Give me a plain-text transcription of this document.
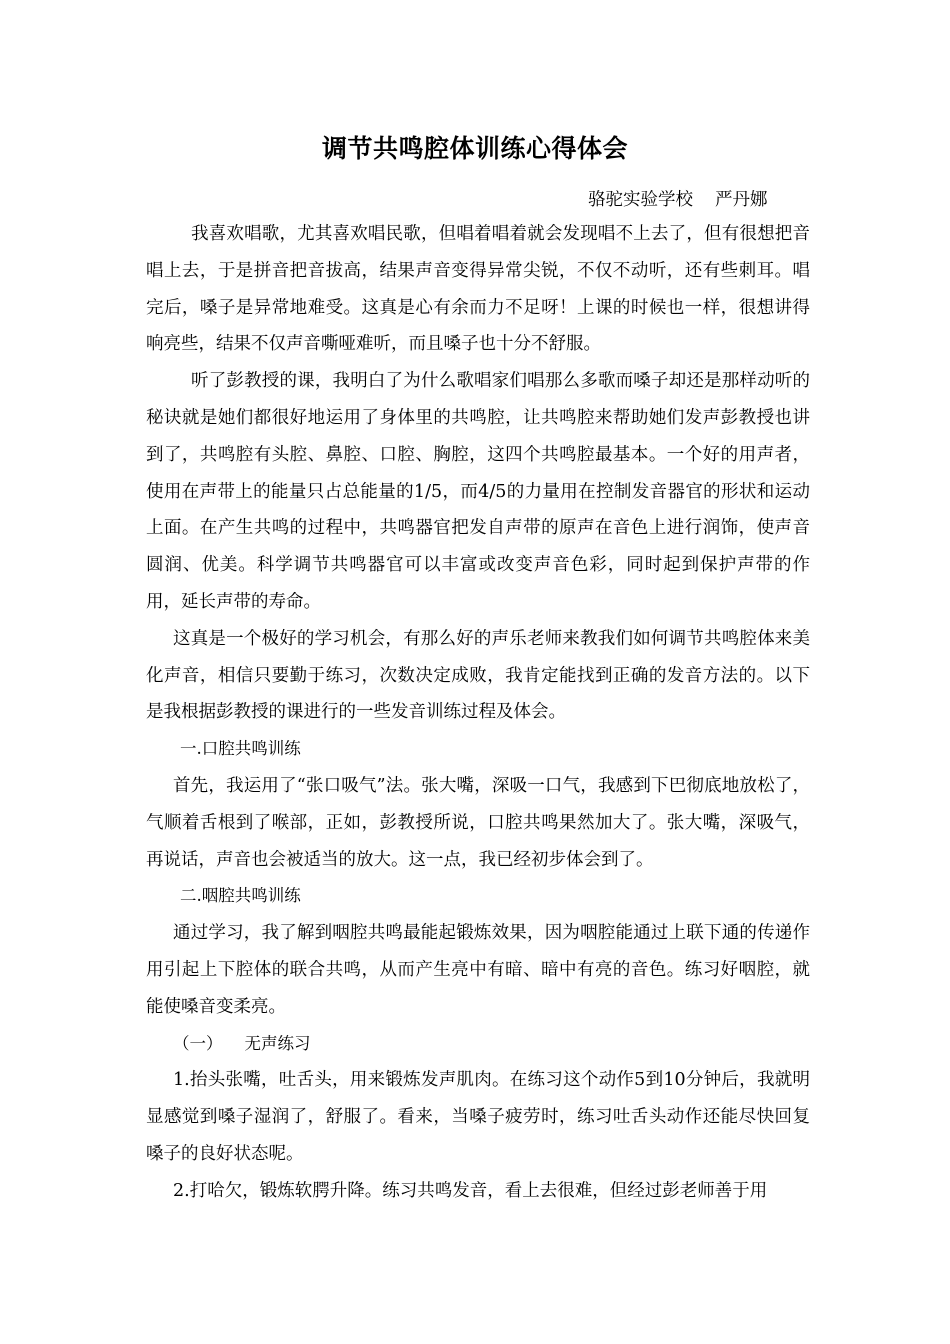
调节共鸣腔体训练心得体会
骆驼实验学校 严丹娜

我喜欢唱歌，尤其喜欢唱民歌，但唱着唱着就会发现唱不上去了，但有很想把音唱上去，于是拼音把音拔高，结果声音变得异常尖锐，不仅不动听，还有些刺耳。唱完后，嗓子是异常地难受。这真是心有余而力不足呀！上课的时候也一样，很想讲得响亮些，结果不仅声音嘶哑难听，而且嗓子也十分不舒服。

听了彭教授的课，我明白了为什么歌唱家们唱那么多歌而嗓子却还是那样动听的秘诀就是她们都很好地运用了身体里的共鸣腔，让共鸣腔来帮助她们发声彭教授也讲到了，共鸣腔有头腔、鼻腔、口腔、胸腔，这四个共鸣腔最基本。一个好的用声者，使用在声带上的能量只占总能量的1/5，而4/5的力量用在控制发音器官的形状和运动上面。在产生共鸣的过程中，共鸣器官把发自声带的原声在音色上进行润饰，使声音圆润、优美。科学调节共鸣器官可以丰富或改变声音色彩，同时起到保护声带的作用，延长声带的寿命。

这真是一个极好的学习机会，有那么好的声乐老师来教我们如何调节共鸣腔体来美化声音，相信只要勤于练习，次数决定成败，我肯定能找到正确的发音方法的。以下是我根据彭教授的课进行的一些发音训练过程及体会。

一.口腔共鸣训练

首先，我运用了“张口吸气”法。张大嘴，深吸一口气，我感到下巴彻底地放松了，气顺着舌根到了喉部，正如，彭教授所说，口腔共鸣果然加大了。张大嘴，深吸气，再说话，声音也会被适当的放大。这一点，我已经初步体会到了。

二.咽腔共鸣训练

通过学习，我了解到咽腔共鸣最能起锻炼效果，因为咽腔能通过上联下通的传递作用引起上下腔体的联合共鸣，从而产生亮中有暗、暗中有亮的音色。练习好咽腔，就能使嗓音变柔亮。

（一） 无声练习

1.抬头张嘴，吐舌头，用来锻炼发声肌肉。在练习这个动作5到10分钟后，我就明显感觉到嗓子湿润了，舒服了。看来，当嗓子疲劳时，练习吐舌头动作还能尽快回复嗓子的良好状态呢。

2.打哈欠，锻炼软腭升降。练习共鸣发音，看上去很难，但经过彭老师善于用
